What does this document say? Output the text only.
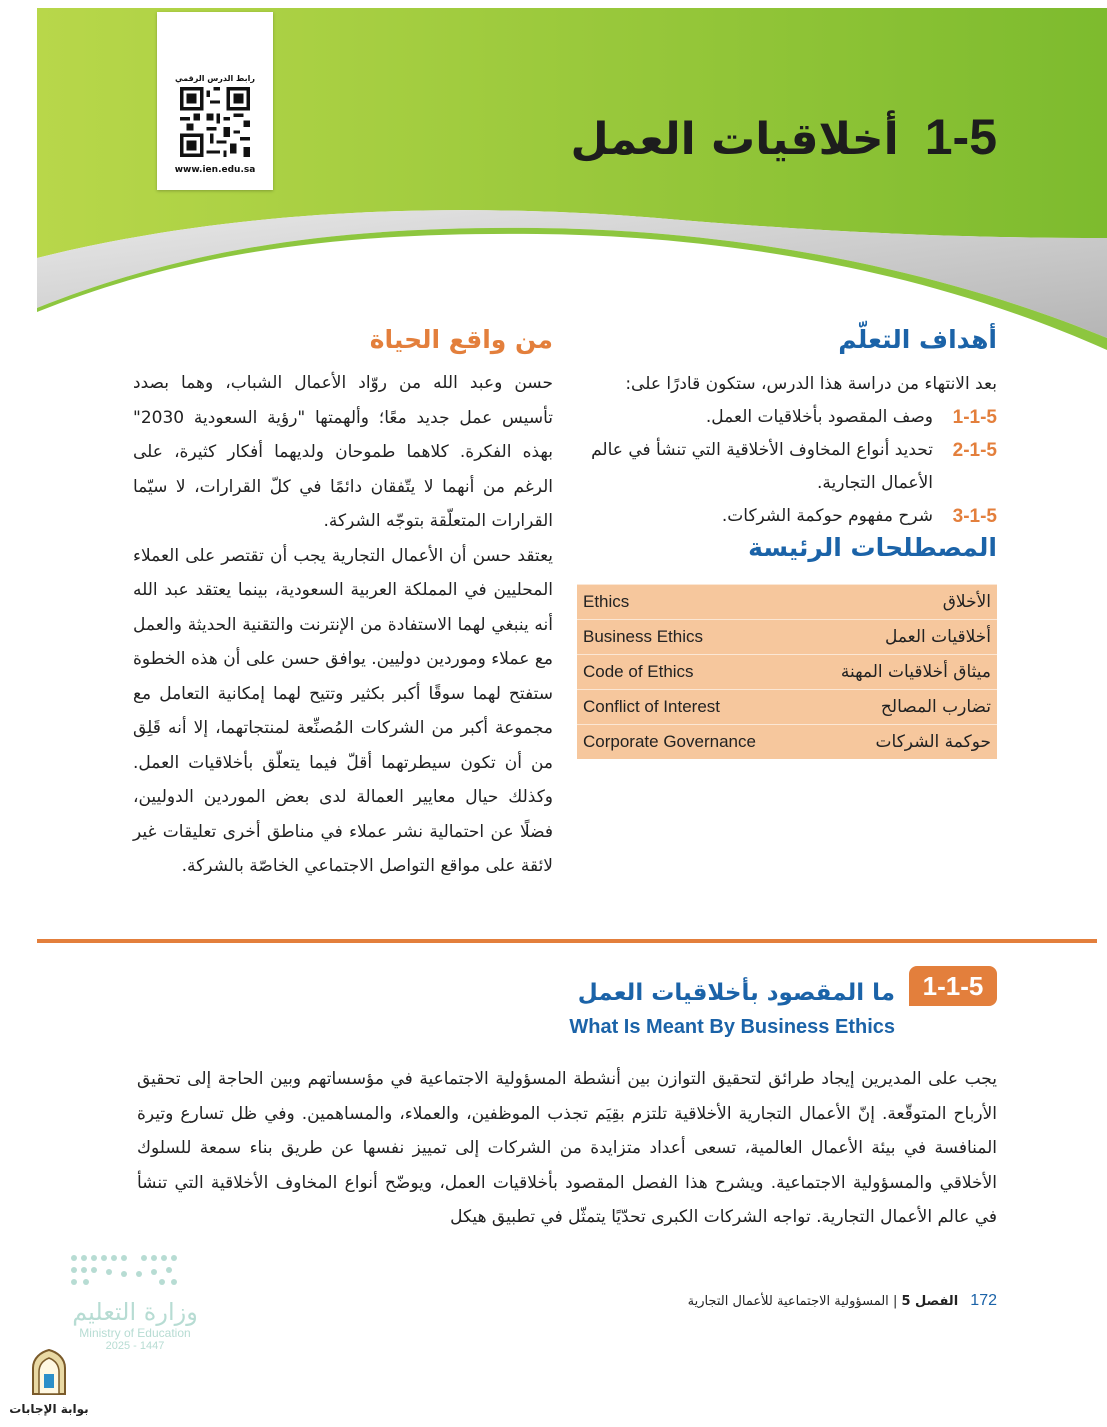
رابط الدرس الرقمي
www.ien.edu.sa
1-5أخلاقيات العمل
أهداف التعلّم
بعد الانتهاء من دراسة هذا الدرس، ستكون قادرًا على:
1-1-5
وصف المقصود بأخلاقيات العمل.
2-1-5
تحديد أنواع المخاوف الأخلاقية التي تنشأ في عالم الأعمال التجارية.
3-1-5
شرح مفهوم حوكمة الشركات.
المصطلحات الرئيسة
الأخلاق	Ethics
أخلاقيات العمل	Business Ethics
ميثاق أخلاقيات المهنة	Code of Ethics
تضارب المصالح	Conflict of Interest
حوكمة الشركات	Corporate Governance
من واقع الحياة

حسن وعبد الله من روّاد الأعمال الشباب، وهما بصدد تأسيس عمل جديد معًا؛ وألهمتها "رؤية السعودية 2030" بهذه الفكرة. كلاهما طموحان ولديهما أفكار كثيرة، على الرغم من أنهما لا يتّفقان دائمًا في كلّ القرارات، لا سيّما القرارات المتعلّقة بتوجّه الشركة.

يعتقد حسن أن الأعمال التجارية يجب أن تقتصر على العملاء المحليين في المملكة العربية السعودية، بينما يعتقد عبد الله أنه ينبغي لهما الاستفادة من الإنترنت والتقنية الحديثة والعمل مع عملاء وموردين دوليين. يوافق حسن على أن هذه الخطوة ستفتح لهما سوقًا أكبر بكثير وتتيح لهما إمكانية التعامل مع مجموعة أكبر من الشركات المُصنِّعة لمنتجاتهما، إلا أنه قَلِق من أن تكون سيطرتهما أقلّ فيما يتعلّق بأخلاقيات العمل. وكذلك حيال معايير العمالة لدى بعض الموردين الدوليين، فضلًا عن احتمالية نشر عملاء في مناطق أخرى تعليقات غير لائقة على مواقع التواصل الاجتماعي الخاصّة بالشركة.

1-1-5
ما المقصود بأخلاقيات العمل
What Is Meant By Business Ethics

يجب على المديرين إيجاد طرائق لتحقيق التوازن بين أنشطة المسؤولية الاجتماعية في مؤسساتهم وبين الحاجة إلى تحقيق الأرباح المتوقّعة. إنّ الأعمال التجارية الأخلاقية تلتزم بقِيَم تجذب الموظفين، والعملاء، والمساهمين. وفي ظل تسارع وتيرة المنافسة في بيئة الأعمال العالمية، تسعى أعداد متزايدة من الشركات إلى تمييز نفسها عن طريق بناء سمعة للسلوك الأخلاقي والمسؤولية الاجتماعية. ويشرح هذا الفصل المقصود بأخلاقيات العمل، ويوضّح أنواع المخاوف الأخلاقية التي تنشأ في عالم الأعمال التجارية. تواجه الشركات الكبرى تحدّيًا يتمثّل في تطبيق هيكل

وزارة التعليم
Ministry of Education
2025 - 1447
172 الفصل 5 | المسؤولية الاجتماعية للأعمال التجارية
بوابة الإجابات
